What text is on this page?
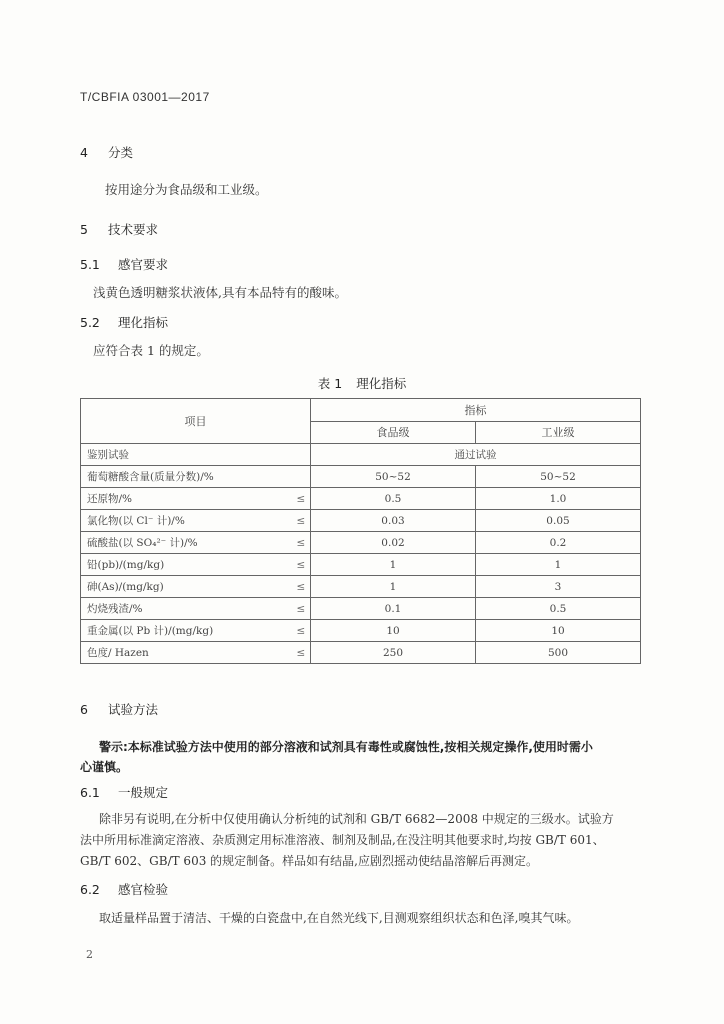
T/CBFIA 03001—2017
4 分类
按用途分为食品级和工业级。
5 技术要求
5.1 感官要求
浅黄色透明糖浆状液体,具有本品特有的酸味。
5.2 理化指标
应符合表 1 的规定。
表 1 理化指标
项目		指标	
		食品级	工业级
鉴别试验		通过试验	
葡萄糖酸含量(质量分数)/%		50~52	50~52
还原物/%	≤	0.5	1.0
氯化物(以 Cl⁻ 计)/%	≤	0.03	0.05
硫酸盐(以 SO₄²⁻ 计)/%	≤	0.02	0.2
铅(pb)/(mg/kg)	≤	1	1
砷(As)/(mg/kg)	≤	1	3
灼烧残渣/%	≤	0.1	0.5
重金属(以 Pb 计)/(mg/kg)	≤	10	10
色度/ Hazen	≤	250	500
6 试验方法
警示:本标准试验方法中使用的部分溶液和试剂具有毒性或腐蚀性,按相关规定操作,使用时需小
心谨慎。
6.1 一般规定
除非另有说明,在分析中仅使用确认分析纯的试剂和 GB/T 6682—2008 中规定的三级水。试验方
法中所用标准滴定溶液、杂质测定用标准溶液、制剂及制品,在没注明其他要求时,均按 GB/T 601、
GB/T 602、GB/T 603 的规定制备。样品如有结晶,应剧烈摇动使结晶溶解后再测定。
6.2 感官检验
取适量样品置于清洁、干燥的白瓷盘中,在自然光线下,目测观察组织状态和色泽,嗅其气味。
2
